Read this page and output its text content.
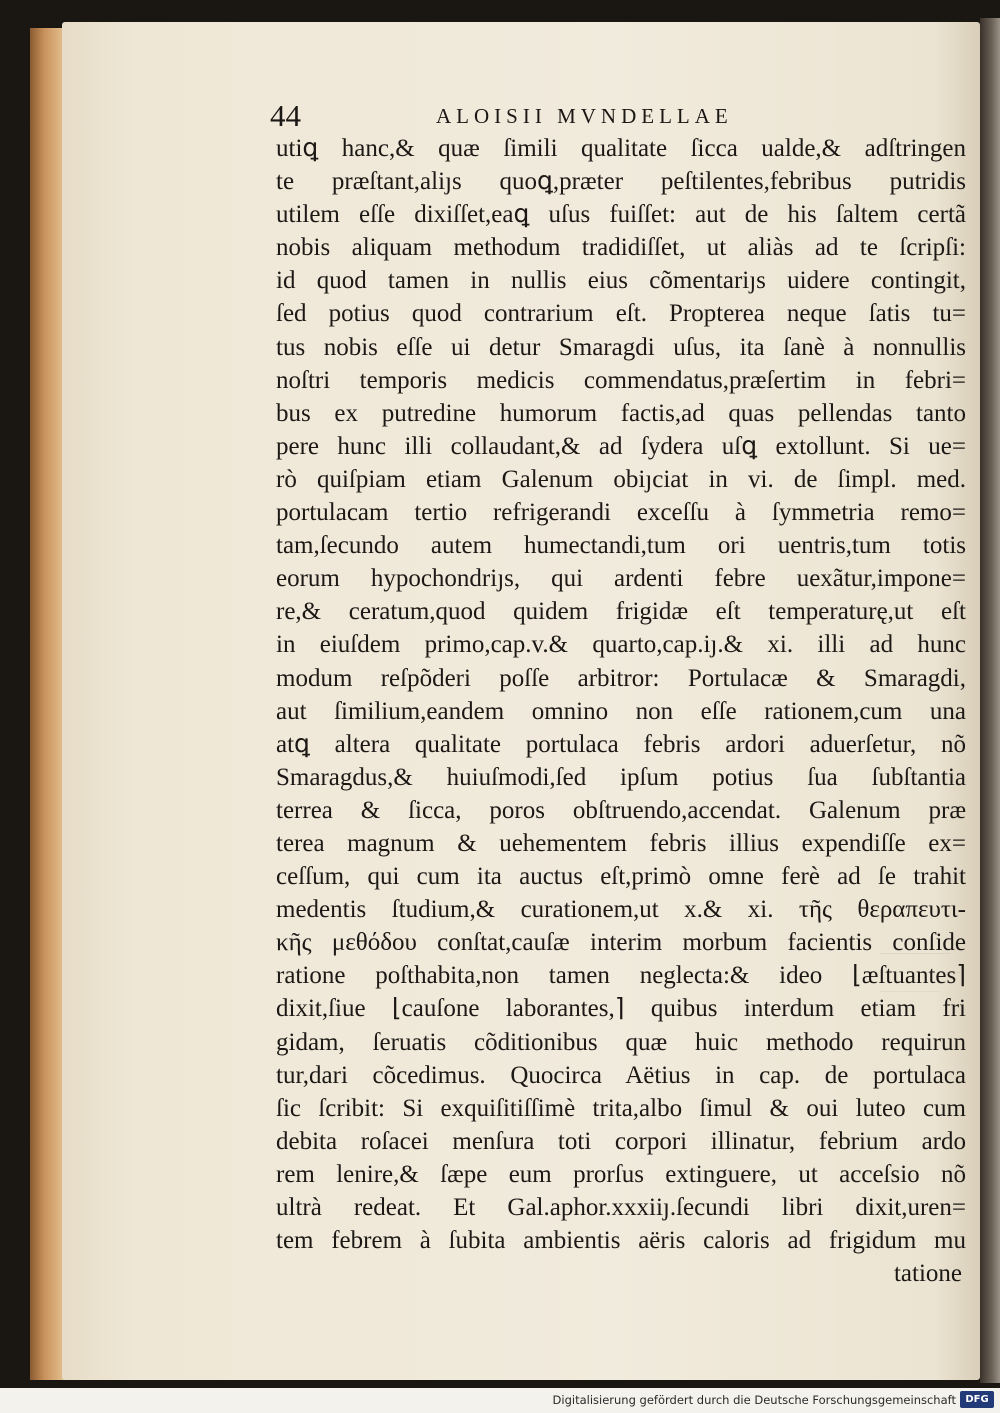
44	ALOISII MVNDELLAE
utiꝗ hanc,& quæ ſimili qualitate ſicca ualde,& adſtringen
te præſtant,aliȷs quoꝗ,præter peſtilentes,febribus putridis
utilem eſſe dixiſſet,eaꝗ uſus fuiſſet: aut de his ſaltem certã
nobis aliquam methodum tradidiſſet, ut aliàs ad te ſcripſi:
id quod tamen in nullis eius cõmentariȷs uidere contingit,
ſed potius quod contrarium eſt. Propterea neque ſatis tu=
tus nobis eſſe ui detur Smaragdi uſus, ita ſanè à nonnullis
noſtri temporis medicis commendatus,præſertim in febri=
bus ex putredine humorum factis,ad quas pellendas tanto
pere hunc illi collaudant,& ad ſydera uſꝗ extollunt. Si ue=
rò quiſpiam etiam Galenum obiȷciat in vi. de ſimpl. med.
portulacam tertio refrigerandi exceſſu à ſymmetria remo=
tam,ſecundo autem humectandi,tum ori uentris,tum totis
eorum hypochondriȷs, qui ardenti febre uexãtur,impone=
re,& ceratum,quod quidem frigidæ eſt temperaturę,ut eſt
in eiuſdem primo,cap.v.& quarto,cap.iȷ.& xi. illi ad hunc
modum reſpõderi poſſe arbitror: Portulacæ & Smaragdi,
aut ſimilium,eandem omnino non eſſe rationem,cum una
atꝗ altera qualitate portulaca febris ardori aduerſetur, nõ
Smaragdus,& huiuſmodi,ſed ipſum potius ſua ſubſtantia
terrea & ſicca, poros obſtruendo,accendat. Galenum præ
terea magnum & uehementem febris illius expendiſſe ex=
ceſſum, qui cum ita auctus eſt,primò omne ferè ad ſe trahit
medentis ſtudium,& curationem,ut x.& xi. τῆς θεραπευτι-
κῆς μεθόδου conſtat,cauſæ interim morbum facientis conſide
ratione poſthabita,non tamen neglecta:& ideo ⌊æſtuantes⌉
dixit,ſiue ⌊cauſone laborantes,⌉ quibus interdum etiam fri
gidam, ſeruatis cõditionibus quæ huic methodo requirun
tur,dari cõcedimus. Quocirca Aëtius in cap. de portulaca
ſic ſcribit: Si exquiſitiſſimè trita,albo ſimul & oui luteo cum
debita roſacei menſura toti corpori illinatur, febrium ardo
rem lenire,& ſæpe eum prorſus extinguere, ut acceſsio nõ
ultrà redeat. Et Gal.aphor.xxxiiȷ.ſecundi libri dixit,uren=
tem febrem à ſubita ambientis aëris caloris ad frigidum mu
tatione
Digitalisierung gefördert durch die Deutsche Forschungsgemeinschaft DFG
